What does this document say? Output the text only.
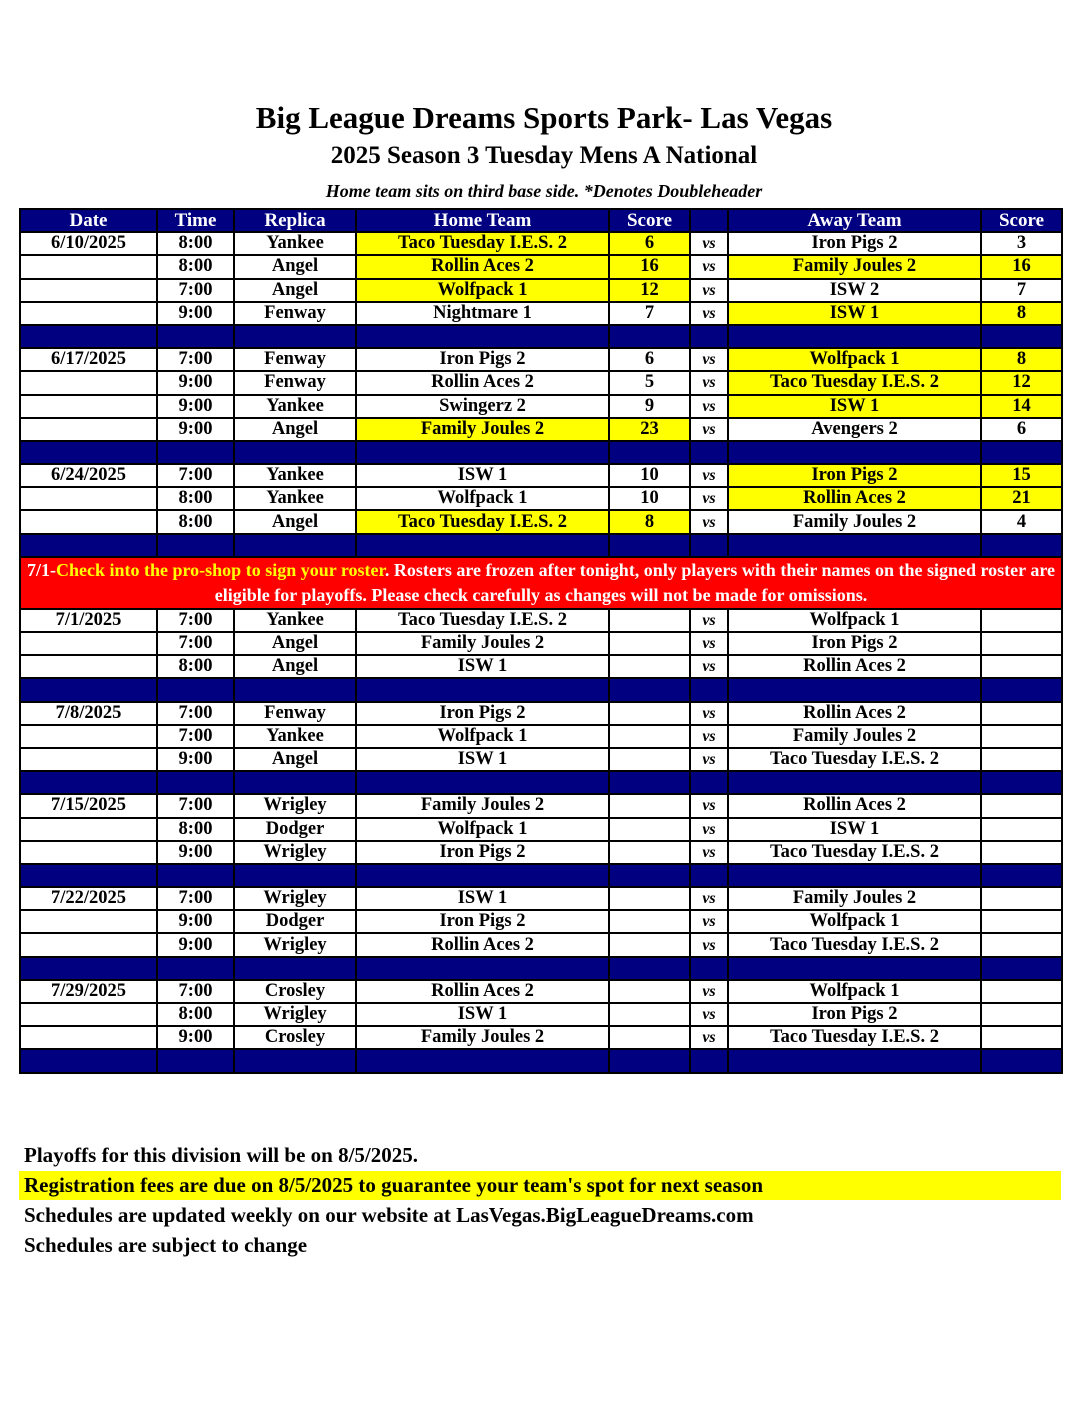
Big League Dreams Sports Park- Las Vegas
2025 Season 3 Tuesday Mens A National
Home team sits on third base side. *Denotes Doubleheader
Date	Time	Replica	Home Team	Score		Away Team	Score
6/10/2025	8:00	Yankee	Taco Tuesday I.E.S. 2	6	vs	Iron Pigs 2	3
	8:00	Angel	Rollin Aces 2	16	vs	Family Joules 2	16
	7:00	Angel	Wolfpack 1	12	vs	ISW 2	7
	9:00	Fenway	Nightmare 1	7	vs	ISW 1	8

6/17/2025	7:00	Fenway	Iron Pigs 2	6	vs	Wolfpack 1	8
	9:00	Fenway	Rollin Aces 2	5	vs	Taco Tuesday I.E.S. 2	12
	9:00	Yankee	Swingerz 2	9	vs	ISW 1	14
	9:00	Angel	Family Joules 2	23	vs	Avengers 2	6

6/24/2025	7:00	Yankee	ISW 1	10	vs	Iron Pigs 2	15
	8:00	Yankee	Wolfpack 1	10	vs	Rollin Aces 2	21
	8:00	Angel	Taco Tuesday I.E.S. 2	8	vs	Family Joules 2	4

7/1-Check into the pro-shop to sign your roster. Rosters are frozen after tonight, only players with their names on the signed roster are eligible for playoffs. Please check carefully as changes will not be made for omissions.							
7/1/2025	7:00	Yankee	Taco Tuesday I.E.S. 2		vs	Wolfpack 1	
	7:00	Angel	Family Joules 2		vs	Iron Pigs 2	
	8:00	Angel	ISW 1		vs	Rollin Aces 2	

7/8/2025	7:00	Fenway	Iron Pigs 2		vs	Rollin Aces 2	
	7:00	Yankee	Wolfpack 1		vs	Family Joules 2	
	9:00	Angel	ISW 1		vs	Taco Tuesday I.E.S. 2	

7/15/2025	7:00	Wrigley	Family Joules 2		vs	Rollin Aces 2	
	8:00	Dodger	Wolfpack 1		vs	ISW 1	
	9:00	Wrigley	Iron Pigs 2		vs	Taco Tuesday I.E.S. 2	

7/22/2025	7:00	Wrigley	ISW 1		vs	Family Joules 2	
	9:00	Dodger	Iron Pigs 2		vs	Wolfpack 1	
	9:00	Wrigley	Rollin Aces 2		vs	Taco Tuesday I.E.S. 2	

7/29/2025	7:00	Crosley	Rollin Aces 2		vs	Wolfpack 1	
	8:00	Wrigley	ISW 1		vs	Iron Pigs 2	
	9:00	Crosley	Family Joules 2		vs	Taco Tuesday I.E.S. 2	

Playoffs for this division will be on 8/5/2025.
Registration fees are due on 8/5/2025 to guarantee your team's spot for next season
Schedules are updated weekly on our website at LasVegas.BigLeagueDreams.com
Schedules are subject to change
